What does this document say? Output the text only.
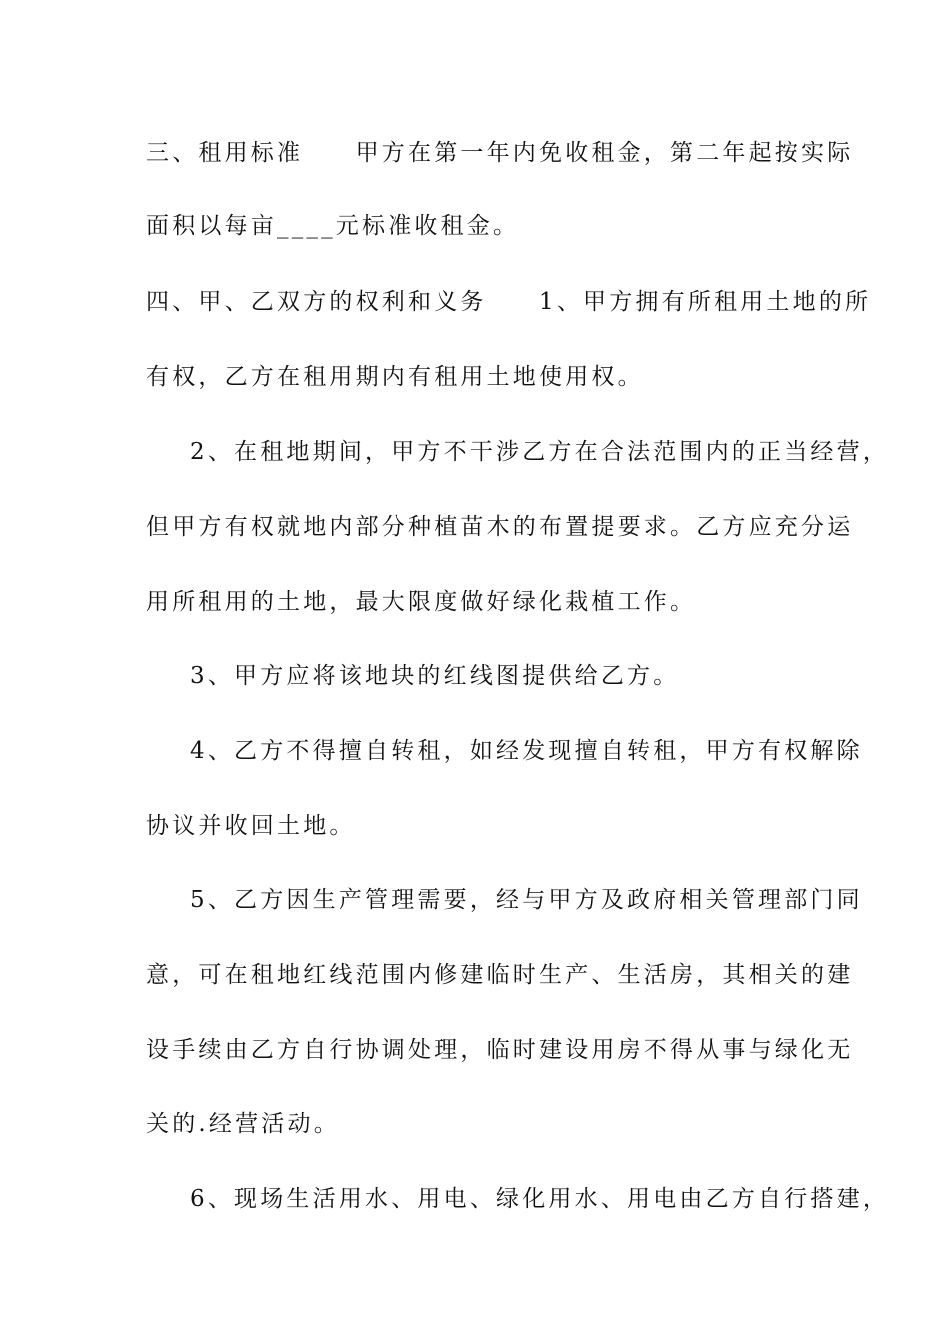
三、租用标准　　甲方在第一年内免收租金，第二年起按实际
面积以每亩____元标准收租金。
四、甲、乙双方的权利和义务　　1、甲方拥有所租用土地的所
有权，乙方在租用期内有租用土地使用权。
2、在租地期间，甲方不干涉乙方在合法范围内的正当经营，
但甲方有权就地内部分种植苗木的布置提要求。乙方应充分运
用所租用的土地，最大限度做好绿化栽植工作。
3、甲方应将该地块的红线图提供给乙方。
4、乙方不得擅自转租，如经发现擅自转租，甲方有权解除
协议并收回土地。
5、乙方因生产管理需要，经与甲方及政府相关管理部门同
意，可在租地红线范围内修建临时生产、生活房，其相关的建
设手续由乙方自行协调处理，临时建设用房不得从事与绿化无
关的.经营活动。
6、现场生活用水、用电、绿化用水、用电由乙方自行搭建，
